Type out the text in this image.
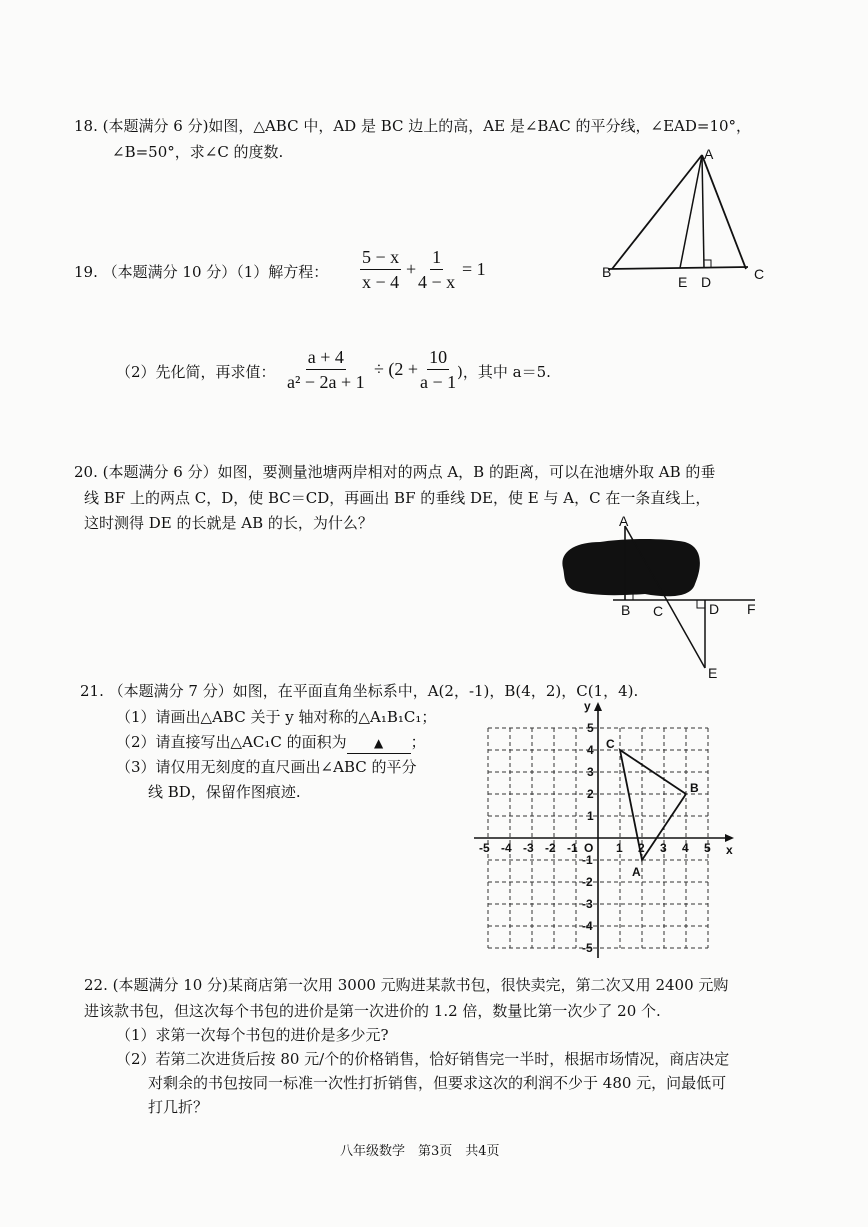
18. (本题满分 6 分)如图，△ABC 中，AD 是 BC 边上的高，AE 是∠BAC 的平分线，∠EAD=10°，
∠B=50°，求∠C 的度数.	A
B	C
E D
19. （本题满分 10 分）（1）解方程： $\frac{5 - x}{x - 4} + \frac{1}{4 - x} = 1$
（2）先化简，再求值： $\frac{a + 4}{\text{a² − 2a + 1}} \div (2 + \frac{10}{a - 1}$ )，其中 a＝5.
20. (本题满分 6 分）如图，要测量池塘两岸相对的两点 A，B 的距离，可以在池塘外取 AB 的垂
线 BF 上的两点 C，D，使 BC＝CD，再画出 BF 的垂线 DE，使 E 与 A，C 在一条直线上，
这时测得 DE 的长就是 AB 的长，为什么？	A
B C	D F
E
21. （本题满分 7 分）如图，在平面直角坐标系中，A(2，-1)，B(4，2)，C(1，4).
（1）请画出△ABC 关于 y 轴对称的△A₁B₁C₁；
（2）请直接写出△AC₁C 的面积为 ▲ ；
（3）请仅用无刻度的直尺画出∠ABC 的平分
线 BD，保留作图痕迹.
x
y
O
-5 -4 -3 -2 -1	1 2 3 4 5
5
4
3
2
1
-1
-2
-3
-4
-5
A
B
C
22. (本题满分 10 分)某商店第一次用 3000 元购进某款书包，很快卖完，第二次又用 2400 元购
进该款书包，但这次每个书包的进价是第一次进价的 1.2 倍，数量比第一次少了 20 个.
（1）求第一次每个书包的进价是多少元?
（2）若第二次进货后按 80 元/个的价格销售，恰好销售完一半时，根据市场情况，商店决定
对剩余的书包按同一标准一次性打折销售，但要求这次的利润不少于 480 元，问最低可
打几折？
八年级数学　第3页　共4页
